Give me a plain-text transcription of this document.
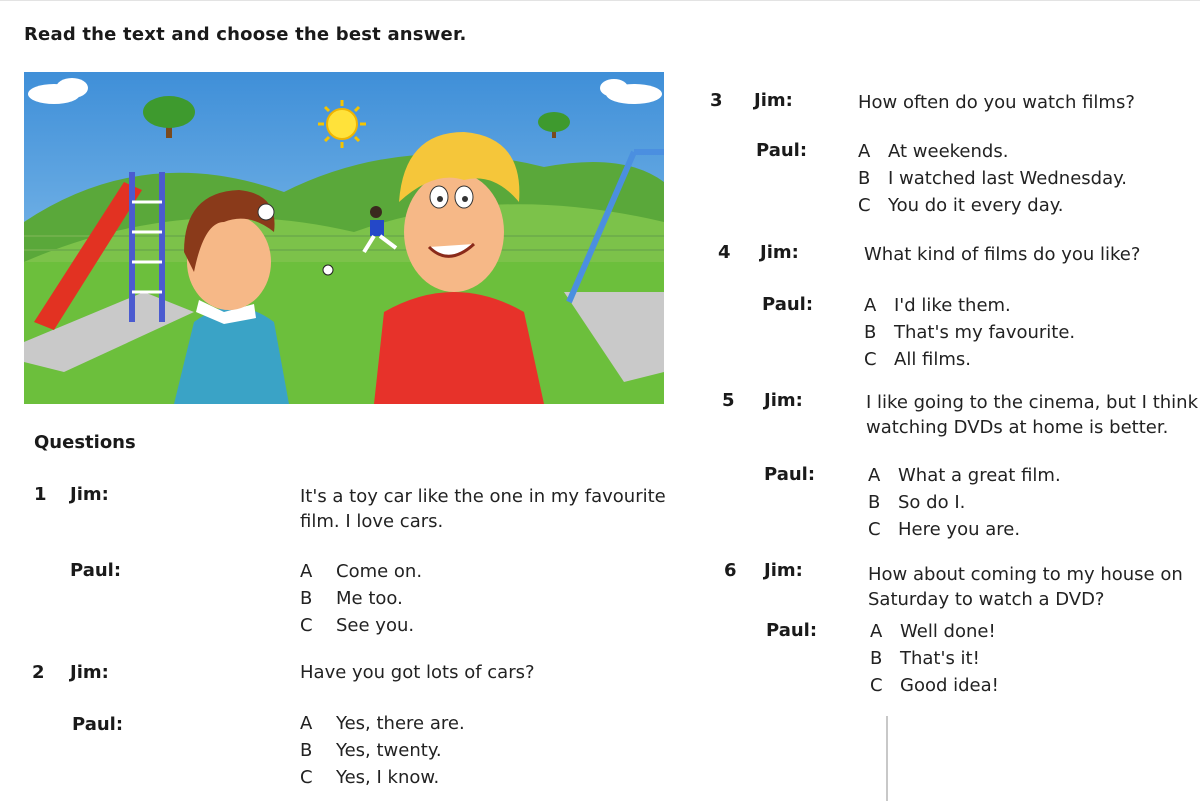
Read the text and choose the best answer.
Questions
1 Jim:	It's a toy car like the one in my favourite
film. I love cars.
Paul:	A Come on.
B Me too.
C See you.
2 Jim:	Have you got lots of cars?
Paul:	A Yes, there are.
B Yes, twenty.
C Yes, I know.
3 Jim:	How often do you watch films?
Paul:	A At weekends.
B I watched last Wednesday.
C You do it every day.
4 Jim:	What kind of films do you like?
Paul:	A I'd like them.
B That's my favourite.
C All films.
5 Jim:	I like going to the cinema, but I think
watching DVDs at home is better.
Paul:	A What a great film.
B So do I.
C Here you are.
6 Jim:	How about coming to my house on
Saturday to watch a DVD?
Paul:	A Well done!
B That's it!
C Good idea!
